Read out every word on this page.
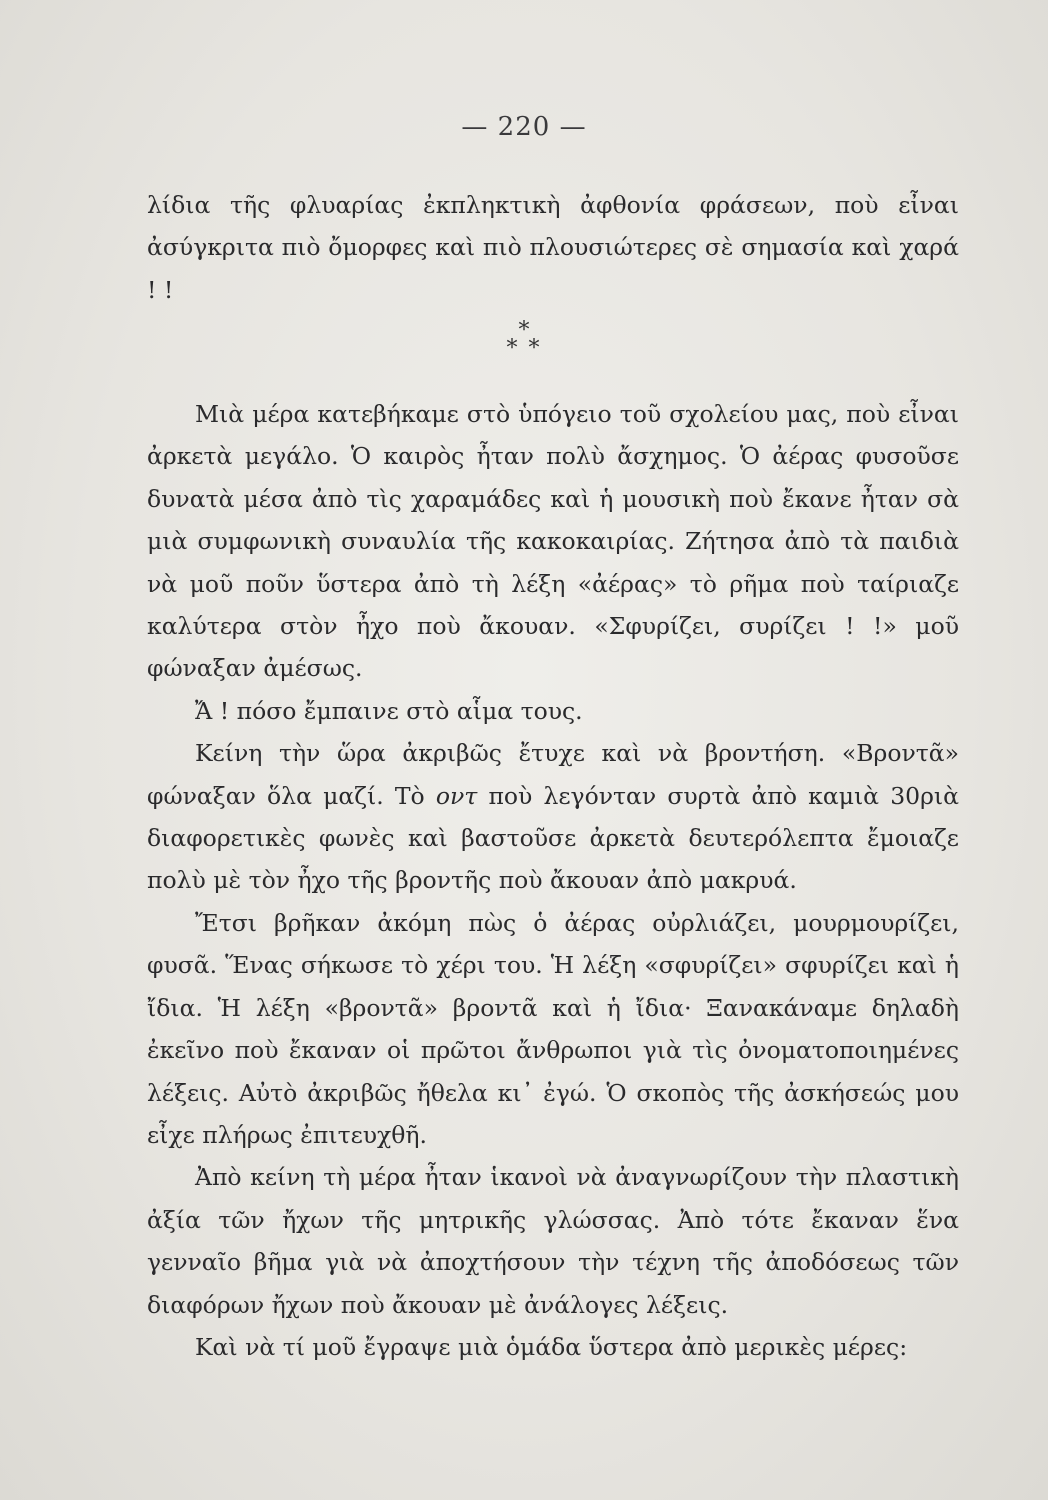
— 220 —

λίδια τῆς φλυαρίας ἐκπληκτικὴ ἀφθονία φράσεων, ποὺ εἶναι ἀσύγκριτα πιὸ ὄμορφες καὶ πιὸ πλουσιώτερες σὲ σημασία καὶ χαρά ! !

*
* *

Μιὰ μέρα κατεβήκαμε στὸ ὑπόγειο τοῦ σχολείου μας, ποὺ εἶναι ἀρκετὰ μεγάλο. Ὁ καιρὸς ἦταν πολὺ ἄσχημος. Ὁ ἀέρας φυσοῦσε δυνατὰ μέσα ἀπὸ τὶς χαραμάδες καὶ ἡ μουσικὴ ποὺ ἔκανε ἦταν σὰ μιὰ συμφωνικὴ συναυλία τῆς κακοκαιρίας. Ζήτησα ἀπὸ τὰ παιδιὰ νὰ μοῦ ποῦν ὕστερα ἀπὸ τὴ λέξη «ἀέρας» τὸ ρῆμα ποὺ ταίριαζε καλύτερα στὸν ἦχο ποὺ ἄκουαν. «Σφυρίζει, συρίζει ! !» μοῦ φώναξαν ἀμέσως.

Ἄ ! πόσο ἔμπαινε στὸ αἷμα τους.

Κείνη τὴν ὥρα ἀκριβῶς ἔτυχε καὶ νὰ βροντήση. «Βροντᾶ» φώναξαν ὅλα μαζί. Τὸ οντ ποὺ λεγόνταν συρτὰ ἀπὸ καμιὰ 30ριὰ διαφορετικὲς φωνὲς καὶ βαστοῦσε ἀρκετὰ δευτερόλεπτα ἔμοιαζε πολὺ μὲ τὸν ἦχο τῆς βροντῆς ποὺ ἄκουαν ἀπὸ μακρυά.

Ἔτσι βρῆκαν ἀκόμη πὼς ὁ ἀέρας οὐρλιάζει, μουρμουρίζει, φυσᾶ. Ἕνας σήκωσε τὸ χέρι του. Ἡ λέξη «σφυρίζει» σφυρίζει καὶ ἡ ἴδια. Ἡ λέξη «βροντᾶ» βροντᾶ καὶ ἡ ἴδια· Ξανακάναμε δηλαδὴ ἐκεῖνο ποὺ ἔκαναν οἱ πρῶτοι ἄνθρωποι γιὰ τὶς ὀνοματοποιημένες λέξεις. Αὐτὸ ἀκριβῶς ἤθελα κι᾿ ἐγώ. Ὁ σκοπὸς τῆς ἀσκήσεώς μου εἶχε πλήρως ἐπιτευχθῆ.

Ἀπὸ κείνη τὴ μέρα ἦταν ἱκανοὶ νὰ ἀναγνωρίζουν τὴν πλαστικὴ ἀξία τῶν ἤχων τῆς μητρικῆς γλώσσας. Ἀπὸ τότε ἔκαναν ἕνα γενναῖο βῆμα γιὰ νὰ ἀποχτήσουν τὴν τέχνη τῆς ἀποδόσεως τῶν διαφόρων ἤχων ποὺ ἄκουαν μὲ ἀνάλογες λέξεις.

Καὶ νὰ τί μοῦ ἔγραψε μιὰ ὁμάδα ὕστερα ἀπὸ μερικὲς μέρες:
